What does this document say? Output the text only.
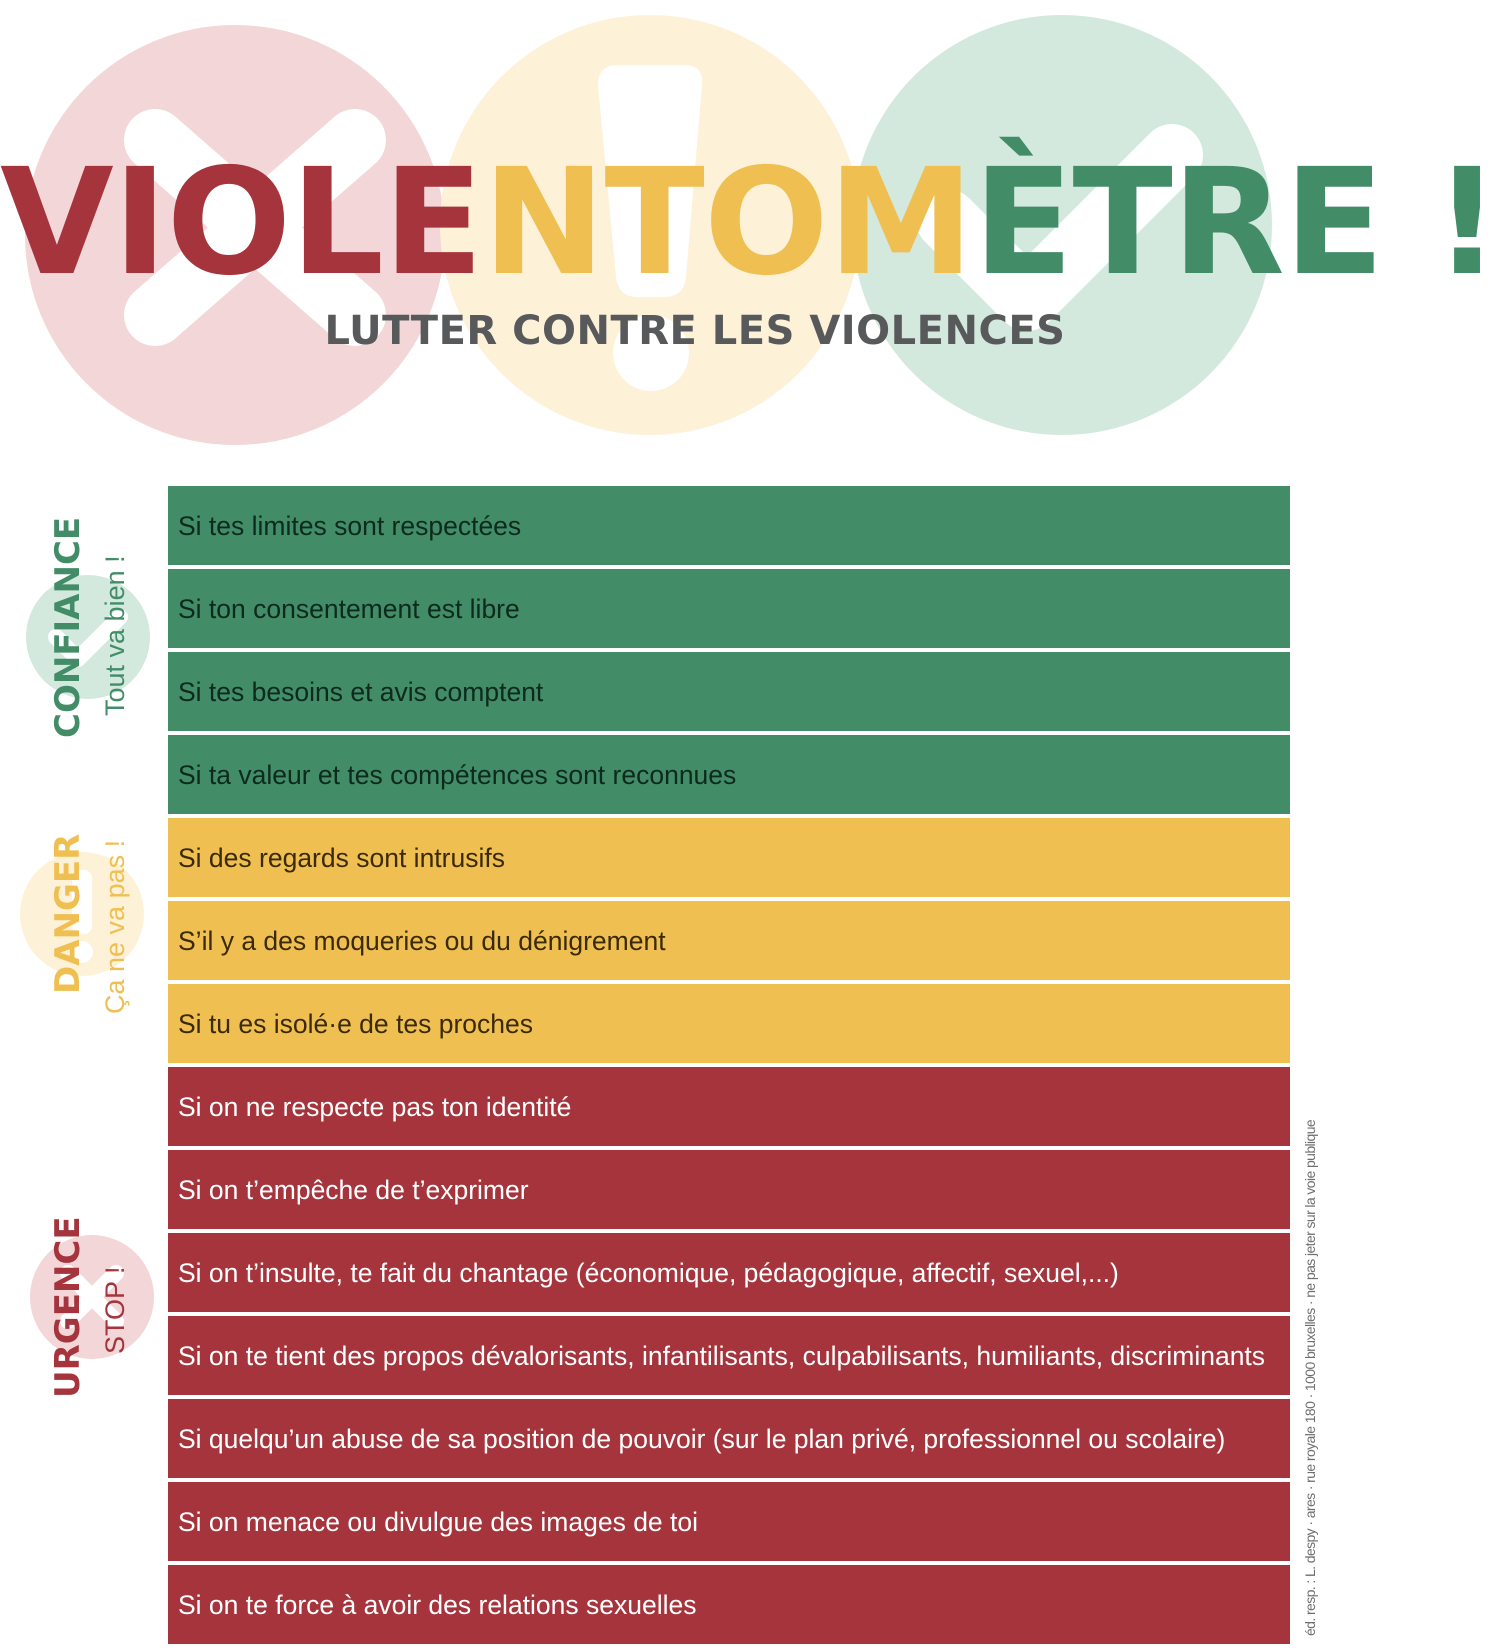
VIOLENTOMÈTRE !
LUTTER CONTRE LES VIOLENCES
CONFIANCE Tout va bien !
DANGER Ça ne va pas !
URGENCE STOP !
Si tes limites sont respectées
Si ton consentement est libre
Si tes besoins et avis comptent
Si ta valeur et tes compétences sont reconnues
Si des regards sont intrusifs
S’il y a des moqueries ou du dénigrement
Si tu es isolé·e de tes proches
Si on ne respecte pas ton identité
Si on t’empêche de t’exprimer
Si on t’insulte, te fait du chantage (économique, pédagogique, affectif, sexuel,...)
Si on te tient des propos dévalorisants, infantilisants, culpabilisants, humiliants, discriminants
Si quelqu’un abuse de sa position de pouvoir (sur le plan privé, professionnel ou scolaire)
Si on menace ou divulgue des images de toi
Si on te force à avoir des relations sexuelles	éd. resp. : L. despy · ares · rue royale 180 · 1000 bruxelles · ne pas jeter sur la voie publique
